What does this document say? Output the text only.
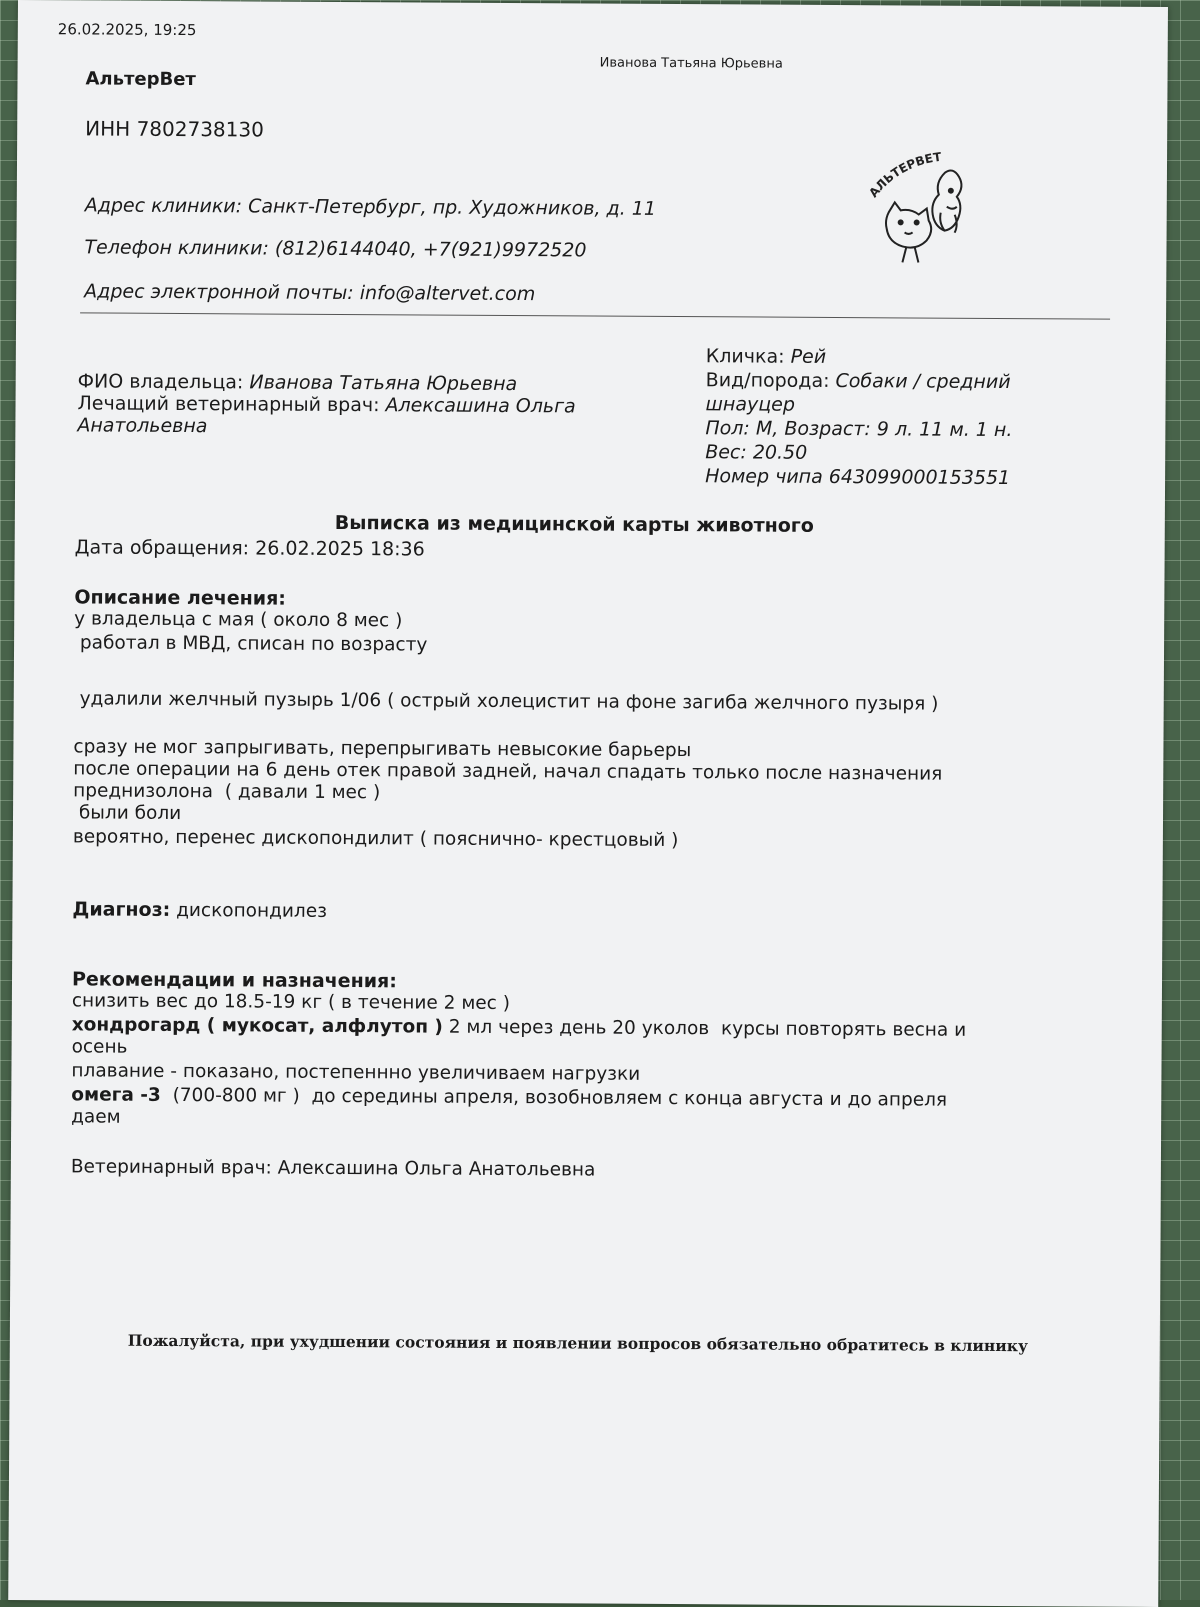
26.02.2025, 19:25
Иванова Татьяна Юрьевна
АльтерВет
ИНН 7802738130
Адрес клиники: Санкт-Петербург, пр. Художников, д. 11
Телефон клиники: (812)6144040, +7(921)9972520
Адрес электронной почты: info@altervet.com
АЛЬТЕРВЕТ
ФИО владельца: Иванова Татьяна Юрьевна
Лечащий ветеринарный врач: Алексашина Ольга Анатольевна
Кличка: Рей
Вид/порода: Собаки / средний шнауцер
Пол: М, Возраст: 9 л. 11 м. 1 н.
Вес: 20.50
Номер чипа 643099000153551
Выписка из медицинской карты животного
Дата обращения: 26.02.2025 18:36
Описание лечения:
у владельца с мая ( около 8 мес )
работал в МВД, списан по возрасту
удалили желчный пузырь 1/06 ( острый холецистит на фоне загиба желчного пузыря )
сразу не мог запрыгивать, перепрыгивать невысокие барьеры
после операции на 6 день отек правой задней, начал спадать только после назначения
преднизолона  ( давали 1 мес )
были боли
вероятно, перенес дископондилит ( пояснично- крестцовый )
Диагноз: дископондилез
Рекомендации и назначения:
снизить вес до 18.5-19 кг ( в течение 2 мес )
хондрогард ( мукосат, алфлутоп ) 2 мл через день 20 уколов  курсы повторять весна и
осень
плавание - показано, постепенннo увеличиваем нагрузки
омега -3  (700-800 мг )  до середины апреля, возобновляем с конца августа и до апреля
даем
Ветеринарный врач: Алексашина Ольга Анатольевна
Пожалуйста, при ухудшении состояния и появлении вопросов обязательно обратитесь в клинику
